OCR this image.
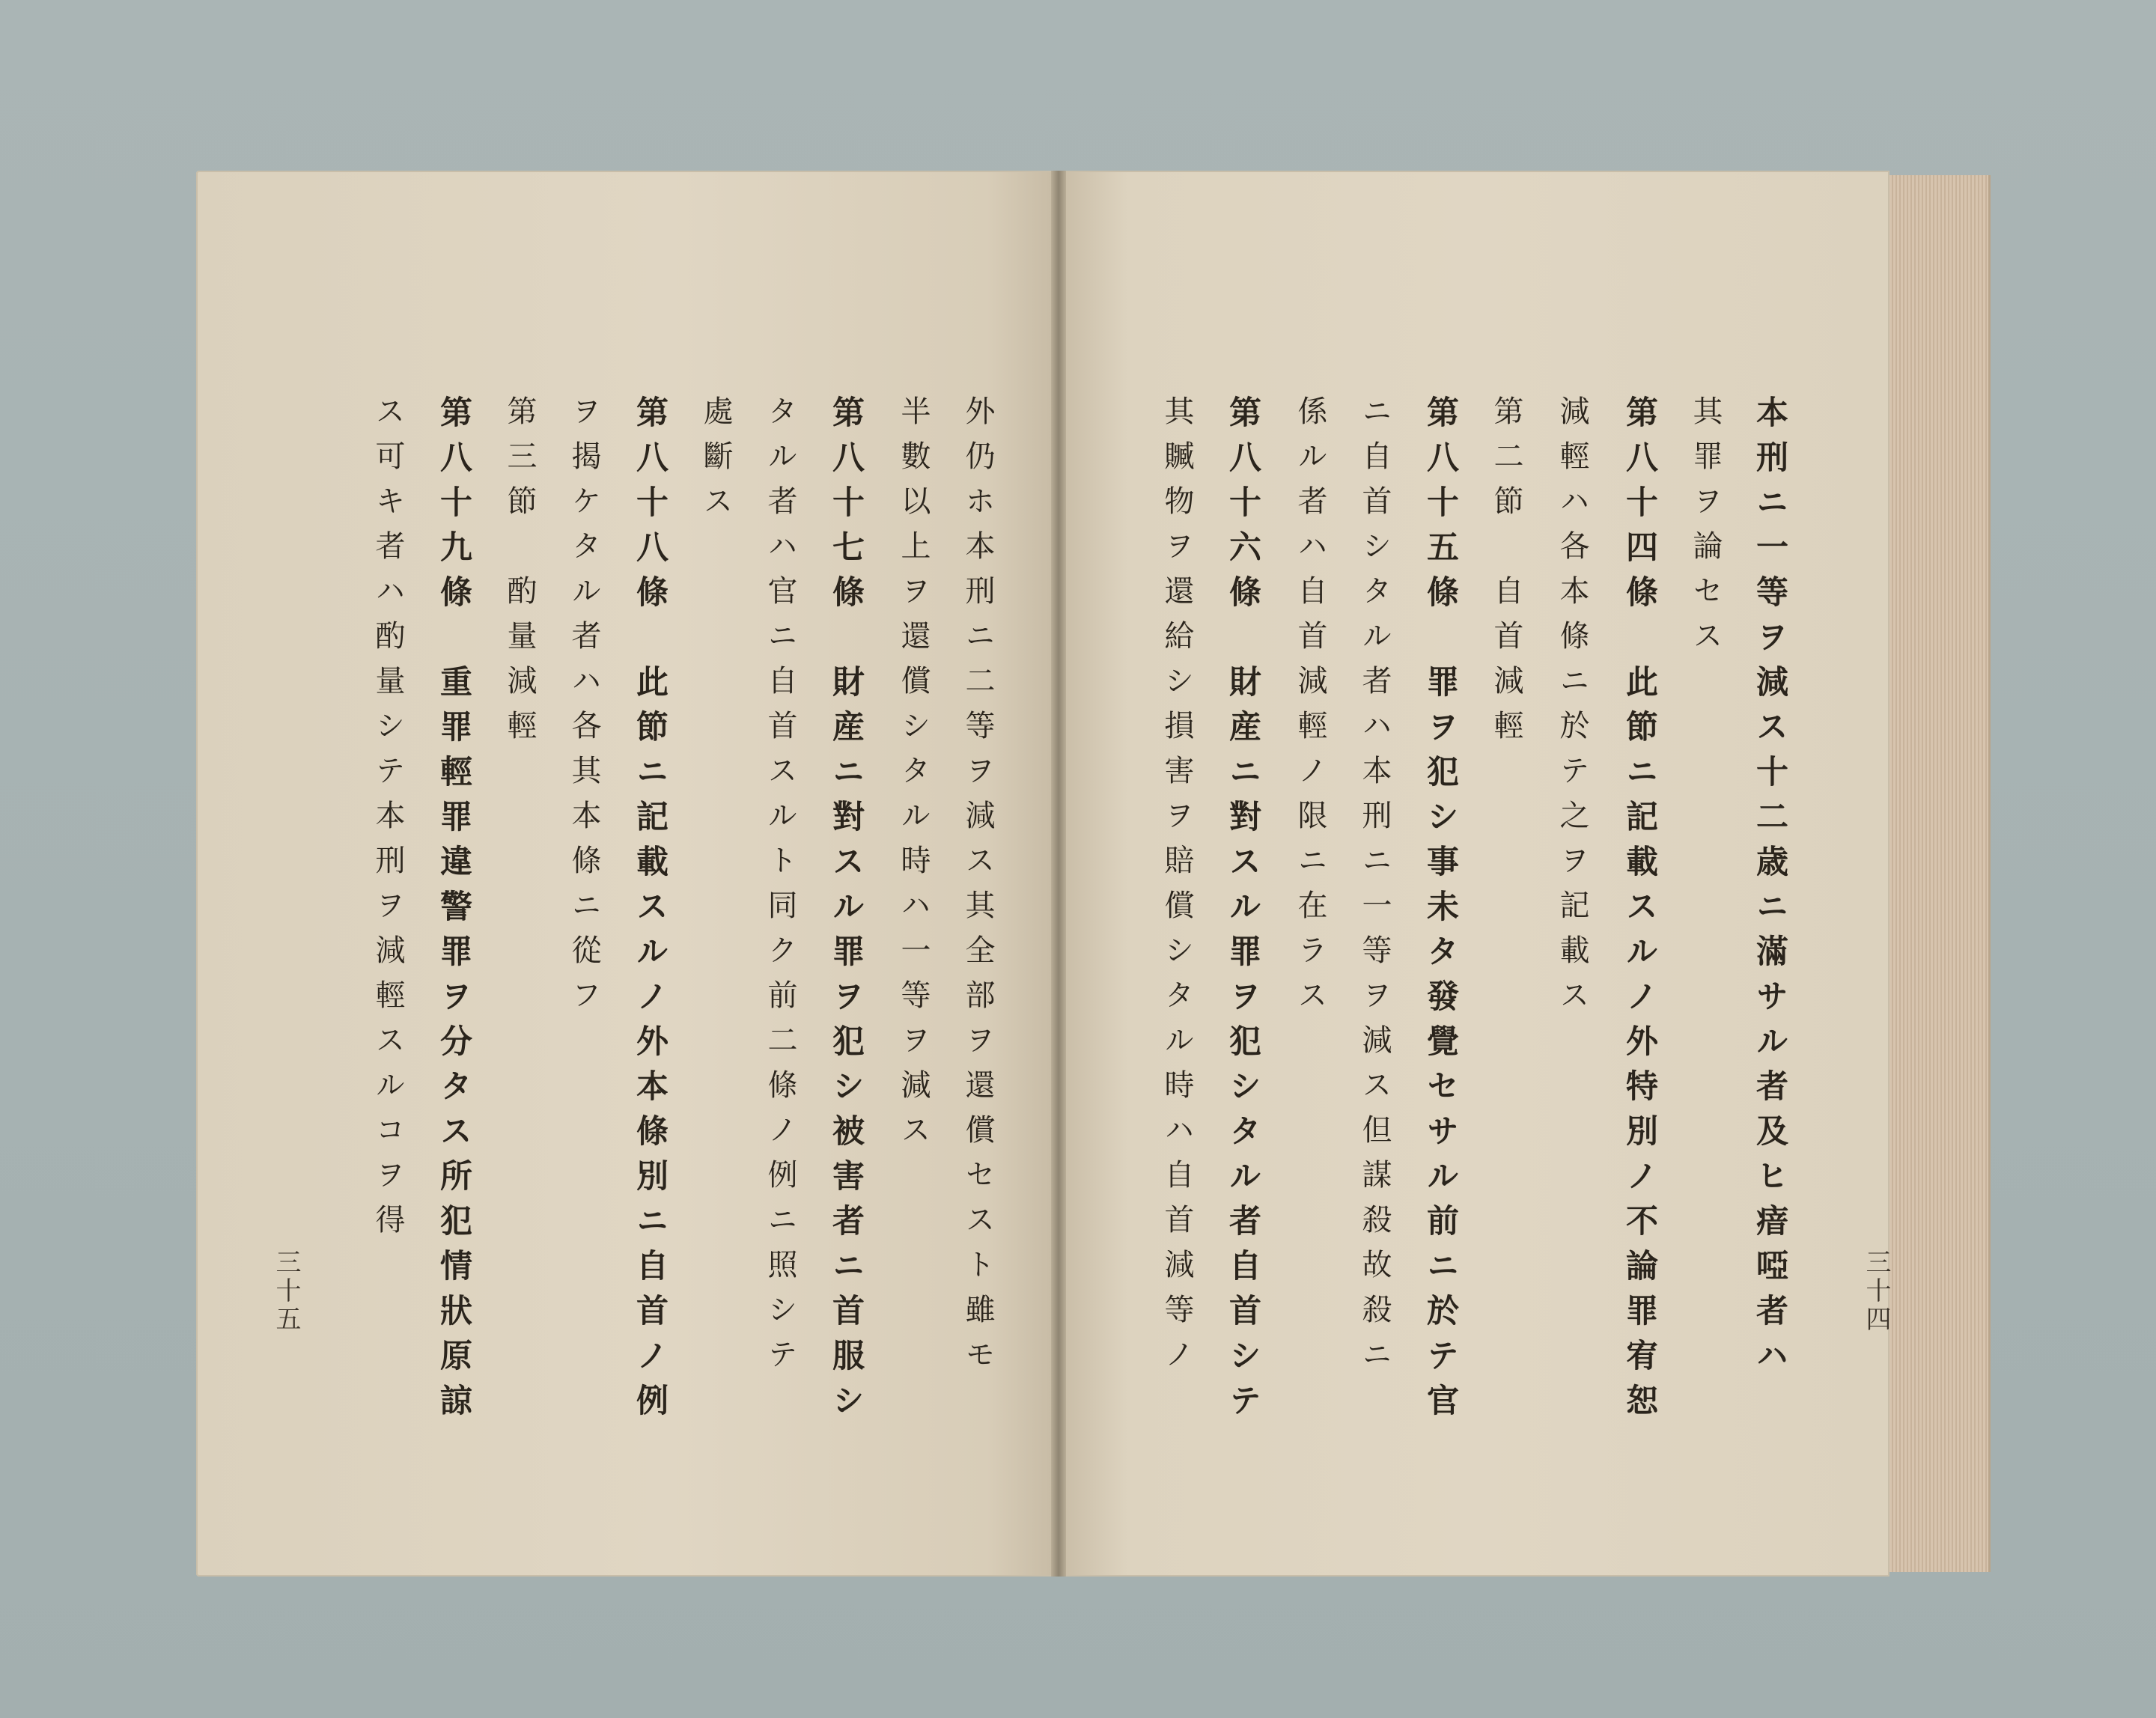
本刑ニ一等ヲ減ス十二歳ニ滿サル者及ヒ瘖啞者ハ
其罪ヲ論セス
第八十四條　此節ニ記載スルノ外特別ノ不論罪宥恕
減輕ハ各本條ニ於テ之ヲ記載ス
第二節　自首減輕
第八十五條　罪ヲ犯シ事未タ發覺セサル前ニ於テ官
ニ自首シタル者ハ本刑ニ一等ヲ減ス但謀殺故殺ニ
係ル者ハ自首減輕ノ限ニ在ラス
第八十六條　財産ニ對スル罪ヲ犯シタル者自首シテ
其贓物ヲ還給シ損害ヲ賠償シタル時ハ自首減等ノ	三十四
外仍ホ本刑ニ二等ヲ減ス其全部ヲ還償セスト雖モ
半數以上ヲ還償シタル時ハ一等ヲ減ス
第八十七條　財産ニ對スル罪ヲ犯シ被害者ニ首服シ
タル者ハ官ニ自首スルト同ク前二條ノ例ニ照シテ
處斷ス
第八十八條　此節ニ記載スルノ外本條別ニ自首ノ例
ヲ揭ケタル者ハ各其本條ニ從フ
第三節　酌量減輕
第八十九條　重罪輕罪違警罪ヲ分タス所犯情狀原諒
ス可キ者ハ酌量シテ本刑ヲ減輕スルコヲ得
三十五
